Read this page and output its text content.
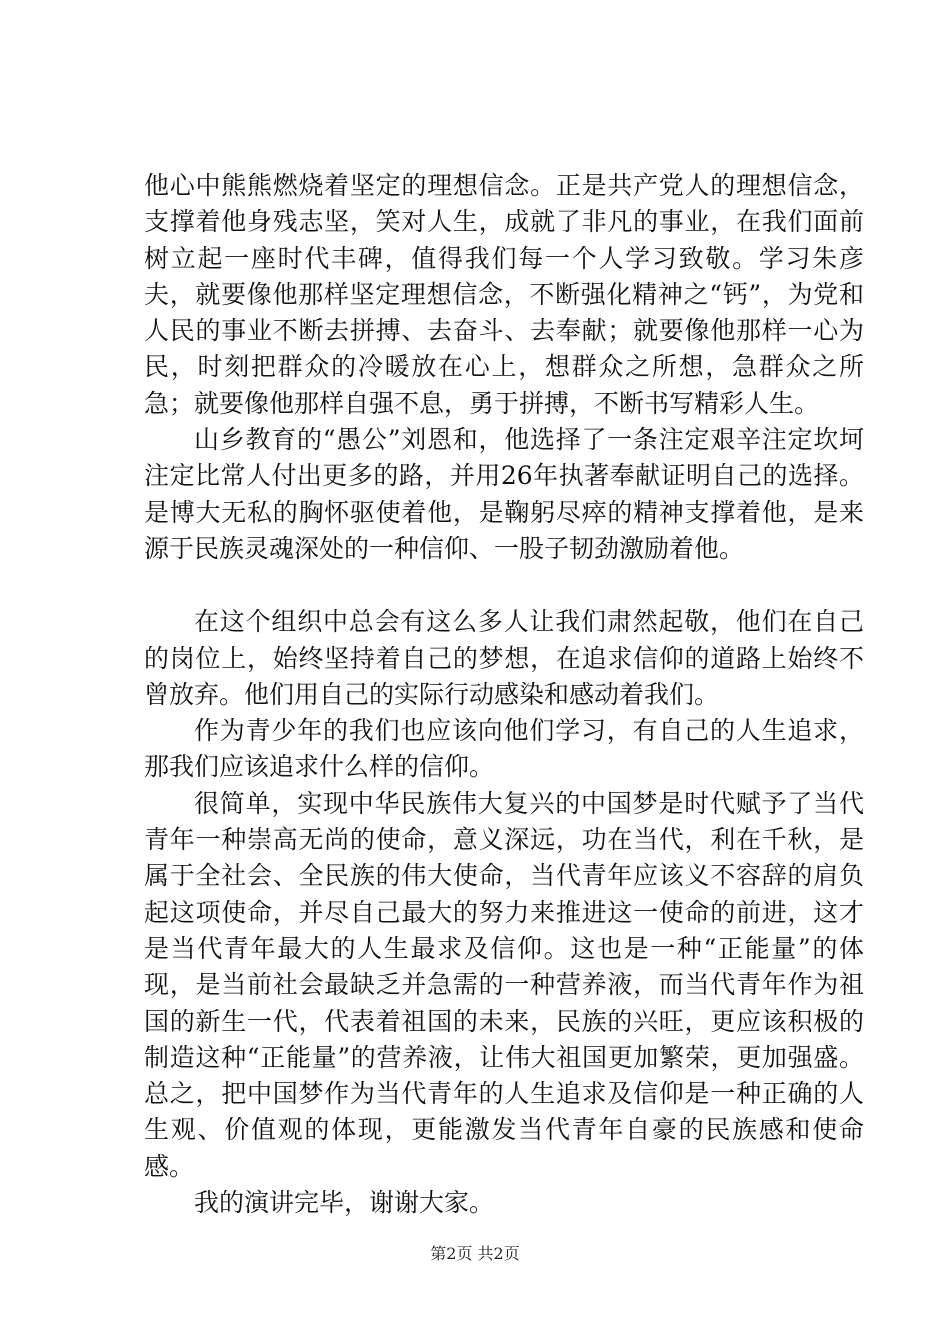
他心中熊熊燃烧着坚定的理想信念。正是共产党人的理想信念，支撑着他身残志坚，笑对人生，成就了非凡的事业，在我们面前树立起一座时代丰碑，值得我们每一个人学习致敬。学习朱彦夫，就要像他那样坚定理想信念，不断强化精神之“钙”，为党和人民的事业不断去拼搏、去奋斗、去奉献；就要像他那样一心为民，时刻把群众的冷暖放在心上，想群众之所想，急群众之所急；就要像他那样自强不息，勇于拼搏，不断书写精彩人生。

山乡教育的“愚公”刘恩和，他选择了一条注定艰辛注定坎坷注定比常人付出更多的路，并用26年执著奉献证明自己的选择。是博大无私的胸怀驱使着他，是鞠躬尽瘁的精神支撑着他，是来源于民族灵魂深处的一种信仰、一股子韧劲激励着他。

在这个组织中总会有这么多人让我们肃然起敬，他们在自己的岗位上，始终坚持着自己的梦想，在追求信仰的道路上始终不曾放弃。他们用自己的实际行动感染和感动着我们。

作为青少年的我们也应该向他们学习，有自己的人生追求，那我们应该追求什么样的信仰。

很简单，实现中华民族伟大复兴的中国梦是时代赋予了当代青年一种崇高无尚的使命，意义深远，功在当代，利在千秋，是属于全社会、全民族的伟大使命，当代青年应该义不容辞的肩负起这项使命，并尽自己最大的努力来推进这一使命的前进，这才是当代青年最大的人生最求及信仰。这也是一种“正能量”的体现，是当前社会最缺乏并急需的一种营养液，而当代青年作为祖国的新生一代，代表着祖国的未来，民族的兴旺，更应该积极的制造这种“正能量”的营养液，让伟大祖国更加繁荣，更加强盛。总之，把中国梦作为当代青年的人生追求及信仰是一种正确的人生观、价值观的体现，更能激发当代青年自豪的民族感和使命感。

我的演讲完毕，谢谢大家。

第2页 共2页
